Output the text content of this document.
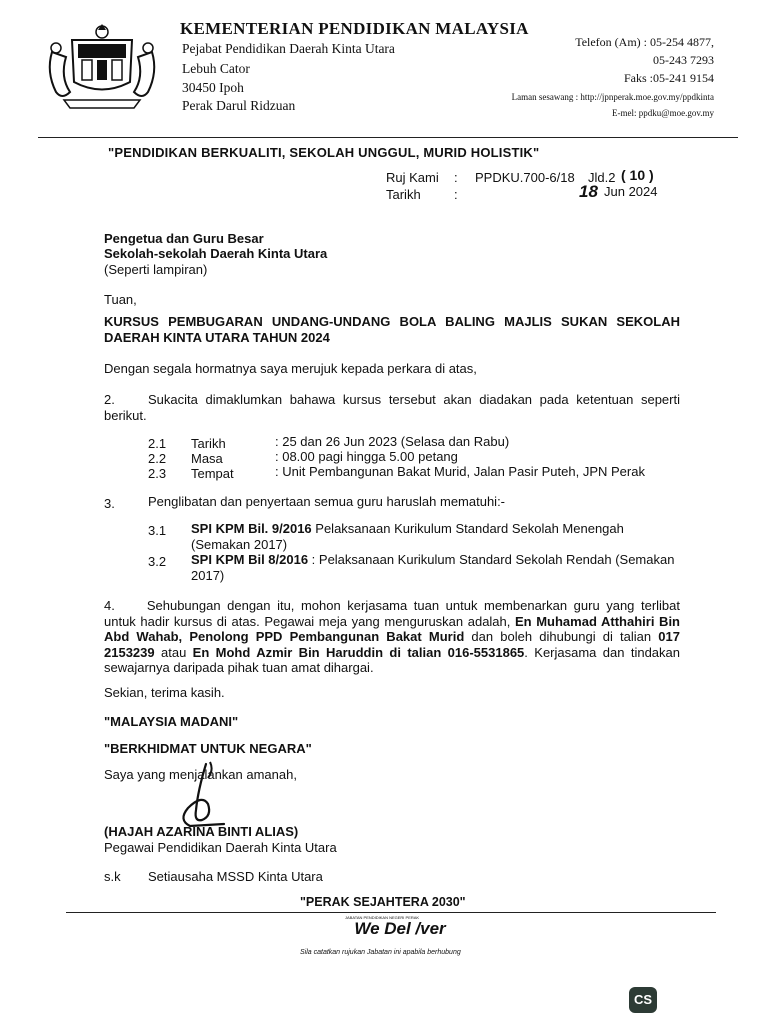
KEMENTERIAN PENDIDIKAN MALAYSIA
Pejabat Pendidikan Daerah Kinta Utara
Lebuh Cator
30450 Ipoh
Perak Darul Ridzuan
Telefon (Am) : 05-254 4877,
05-243 7293
Faks :05-241 9154
Laman sesawang : http://jpnperak.moe.gov.my/ppdkinta
E-mel: ppdku@moe.gov.my
"PENDIDIKAN BERKUALITI, SEKOLAH UNGGUL, MURID HOLISTIK"
Ruj Kami : PPDKU.700-6/18 Jld.2 ( 10 )
Tarikh	:	18 Jun 2024
Pengetua dan Guru Besar
Sekolah-sekolah Daerah Kinta Utara
(Seperti lampiran)
Tuan,
KURSUS PEMBUGARAN UNDANG-UNDANG BOLA BALING MAJLIS SUKAN SEKOLAH DAERAH KINTA UTARA TAHUN 2024
Dengan segala hormatnya saya merujuk kepada perkara di atas,
2.	Sukacita dimaklumkan bahawa kursus tersebut akan diadakan pada ketentuan seperti berikut.
2.1 Tarikh	: 25 dan 26 Jun 2023 (Selasa dan Rabu)
2.2 Masa	: 08.00 pagi hingga 5.00 petang
2.3 Tempat	: Unit Pembangunan Bakat Murid, Jalan Pasir Puteh, JPN Perak
3.	Penglibatan dan penyertaan semua guru haruslah mematuhi:-
3.1 SPI KPM Bil. 9/2016 Pelaksanaan Kurikulum Standard Sekolah Menengah (Semakan 2017)
3.2 SPI KPM Bil 8/2016 : Pelaksanaan Kurikulum Standard Sekolah Rendah (Semakan 2017)
4. Sehubungan dengan itu, mohon kerjasama tuan untuk membenarkan guru yang terlibat untuk hadir kursus di atas. Pegawai meja yang menguruskan adalah, En Muhamad Atthahiri Bin Abd Wahab, Penolong PPD Pembangunan Bakat Murid dan boleh dihubungi di talian 017 2153239 atau En Mohd Azmir Bin Haruddin di talian 016-5531865. Kerjasama dan tindakan sewajarnya daripada pihak tuan amat dihargai.
Sekian, terima kasih.
"MALAYSIA MADANI"
"BERKHIDMAT UNTUK NEGARA"
Saya yang menjalankan amanah,
(HAJAH AZARINA BINTI ALIAS)
Pegawai Pendidikan Daerah Kinta Utara
s.k Setiausaha MSSD Kinta Utara
"PERAK SEJAHTERA 2030"
JABATAN PENDIDIKAN NEGERI PERAK
We Del /ver
Sila catatkan rujukan Jabatan ini apabila berhubung
CS
